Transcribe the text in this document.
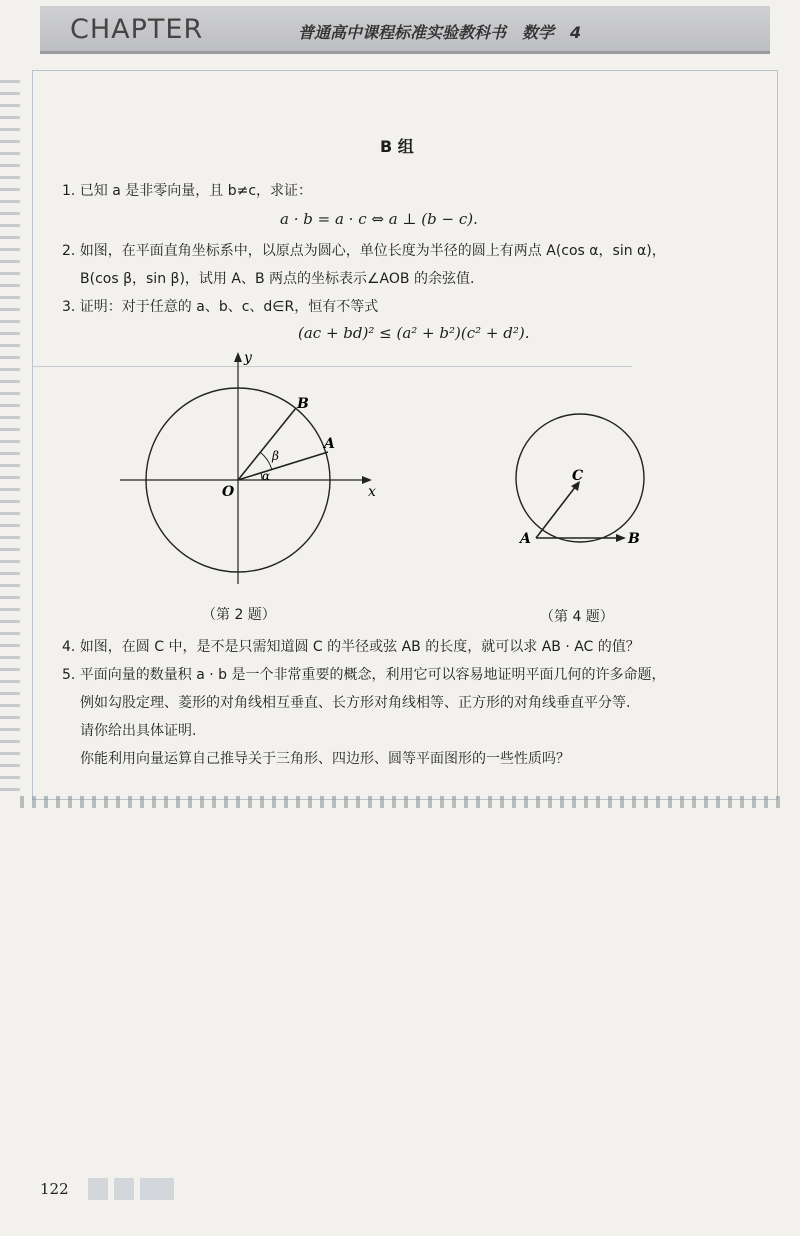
CHAPTER	普通高中课程标准实验教科书　数学　4
B 组
1. 已知 a 是非零向量，且 b≠c，求证：
a · b = a · c ⇔ a ⊥ (b − c).
2. 如图，在平面直角坐标系中，以原点为圆心，单位长度为半径的圆上有两点 A(cos α，sin α)，
B(cos β，sin β)，试用 A、B 两点的坐标表示∠AOB 的余弦值.
3. 证明：对于任意的 a、b、c、d∈R，恒有不等式
(ac + bd)² ≤ (a² + b²)(c² + d²).
y
x
O
A
B
α
β
（第 2 题）
A	B
C
（第 4 题）
4. 如图，在圆 C 中，是不是只需知道圆 C 的半径或弦 AB 的长度，就可以求 AB · AC 的值？
5. 平面向量的数量积 a · b 是一个非常重要的概念，利用它可以容易地证明平面几何的许多命题，
例如勾股定理、菱形的对角线相互垂直、长方形对角线相等、正方形的对角线垂直平分等.
请你给出具体证明.
你能利用向量运算自己推导关于三角形、四边形、圆等平面图形的一些性质吗？
122
